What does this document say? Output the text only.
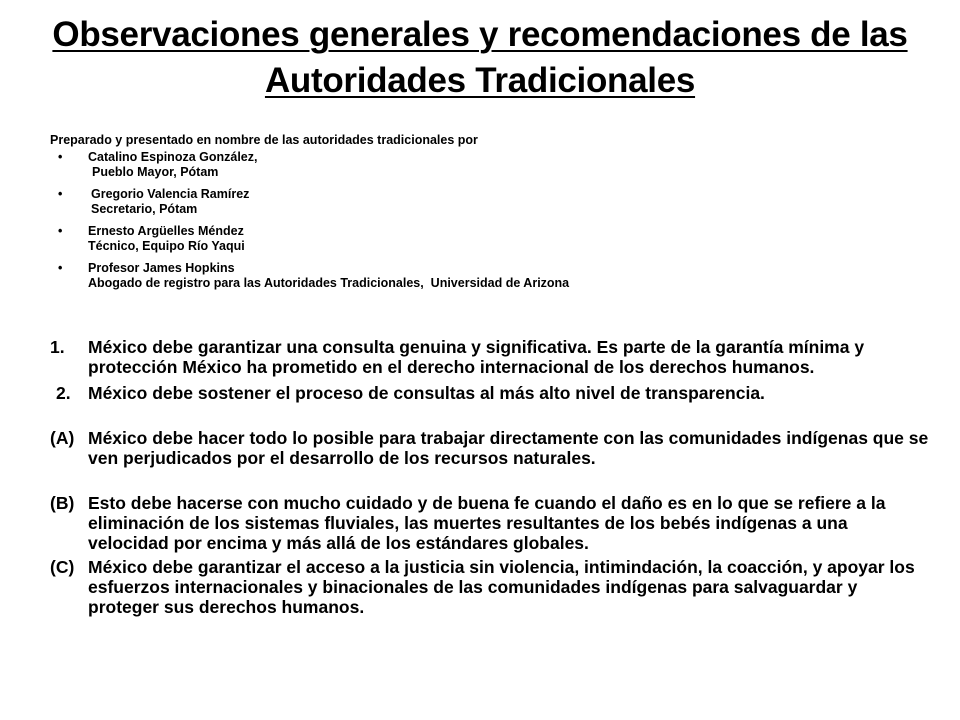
Observaciones generales y recomendaciones de las Autoridades Tradicionales
Preparado y presentado en nombre de las autoridades tradicionales por
• Catalino Espinoza González,
Pueblo Mayor, Pótam
• Gregorio Valencia Ramírez
Secretario, Pótam
• Ernesto Argüelles Méndez
Técnico, Equipo Río Yaqui
• Profesor James Hopkins
Abogado de registro para las Autoridades Tradicionales,  Universidad de Arizona
1. México debe garantizar una consulta genuina y significativa. Es parte de la garantía mínima y protección México ha prometido en el derecho internacional de los derechos humanos.
2. México debe sostener el proceso de consultas al más alto nivel de transparencia.
(A) México debe hacer todo lo posible para trabajar directamente con las comunidades indígenas que se ven perjudicados por el desarrollo de los recursos naturales.
(B) Esto debe hacerse con mucho cuidado y de buena fe cuando el daño es en lo que se refiere a la eliminación de los sistemas fluviales, las muertes resultantes de los bebés indígenas a una velocidad por encima y más allá de los estándares globales.
(C) México debe garantizar el acceso a la justicia sin violencia, intimindación, la coacción, y apoyar los esfuerzos internacionales y binacionales de las comunidades indígenas para salvaguardar y proteger sus derechos humanos.
